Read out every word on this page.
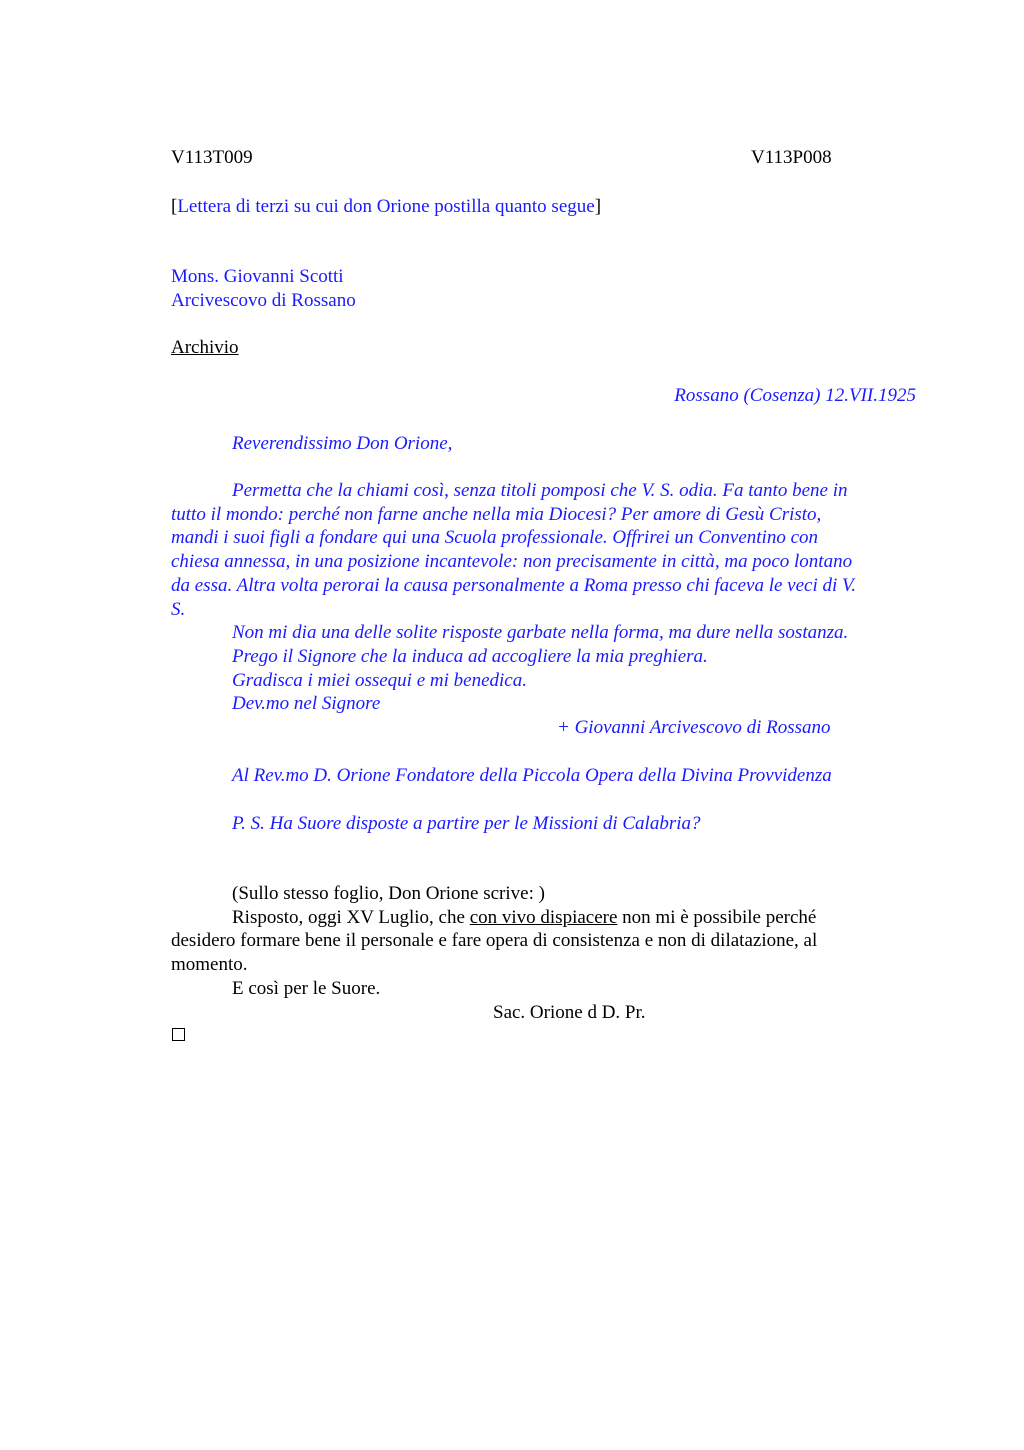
V113T009	V113P008
[Lettera di terzi su cui don Orione postilla quanto segue]
Mons. Giovanni Scotti
Arcivescovo di Rossano
Archivio
Rossano (Cosenza) 12.VII.1925
Reverendissimo Don Orione,
Permetta che la chiami così, senza titoli pomposi che V. S. odia. Fa tanto bene in
tutto il mondo: perché non farne anche nella mia Diocesi? Per amore di Gesù Cristo,
mandi i suoi figli a fondare qui una Scuola professionale. Offrirei un Conventino con
chiesa annessa, in una posizione incantevole: non precisamente in città, ma poco lontano
da essa. Altra volta perorai la causa personalmente a Roma presso chi faceva le veci di V.
S.
Non mi dia una delle solite risposte garbate nella forma, ma dure nella sostanza.
Prego il Signore che la induca ad accogliere la mia preghiera.
Gradisca i miei ossequi e mi benedica.
Dev.mo nel Signore
+ Giovanni Arcivescovo di Rossano
Al Rev.mo D. Orione Fondatore della Piccola Opera della Divina Provvidenza
P. S. Ha Suore disposte a partire per le Missioni di Calabria?
(Sullo stesso foglio, Don Orione scrive: )
Risposto, oggi XV Luglio, che con vivo dispiacere non mi è possibile perché
desidero formare bene il personale e fare opera di consistenza e non di dilatazione, al
momento.
E così per le Suore.
Sac. Orione d D. Pr.
